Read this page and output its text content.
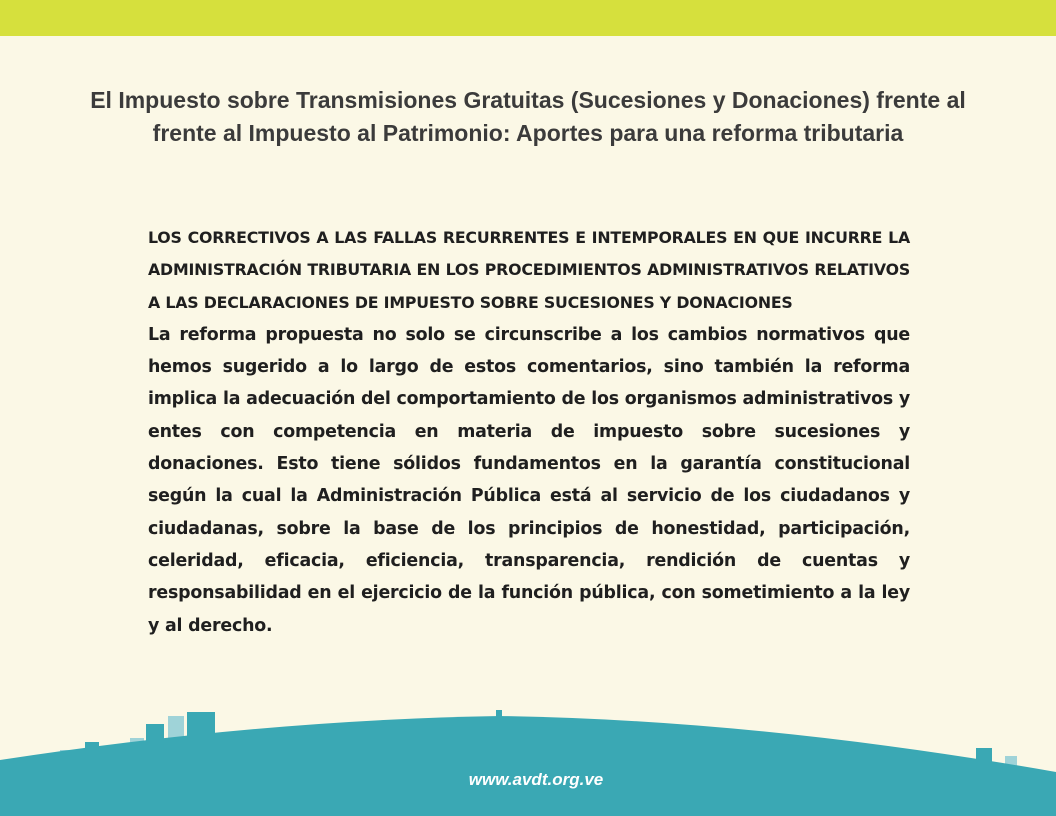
El Impuesto sobre Transmisiones Gratuitas (Sucesiones y Donaciones) frente al frente al Impuesto al Patrimonio: Aportes para una reforma tributaria

LOS CORRECTIVOS A LAS FALLAS RECURRENTES E INTEMPORALES EN QUE INCURRE LA ADMINISTRACIÓN TRIBUTARIA EN LOS PROCEDIMIENTOS ADMINISTRATIVOS RELATIVOS A LAS DECLARACIONES DE IMPUESTO SOBRE SUCESIONES Y DONACIONES

La reforma propuesta no solo se circunscribe a los cambios normativos que hemos sugerido a lo largo de estos comentarios, sino también la reforma implica la adecuación del comportamiento de los organismos administrativos y entes con competencia en materia de impuesto sobre sucesiones y donaciones. Esto tiene sólidos fundamentos en la garantía constitucional según la cual la Administración Pública está al servicio de los ciudadanos y ciudadanas, sobre la base de los principios de honestidad, participación, celeridad, eficacia, eficiencia, transparencia, rendición de cuentas y responsabilidad en el ejercicio de la función pública, con sometimiento a la ley y al derecho.

www.avdt.org.ve
